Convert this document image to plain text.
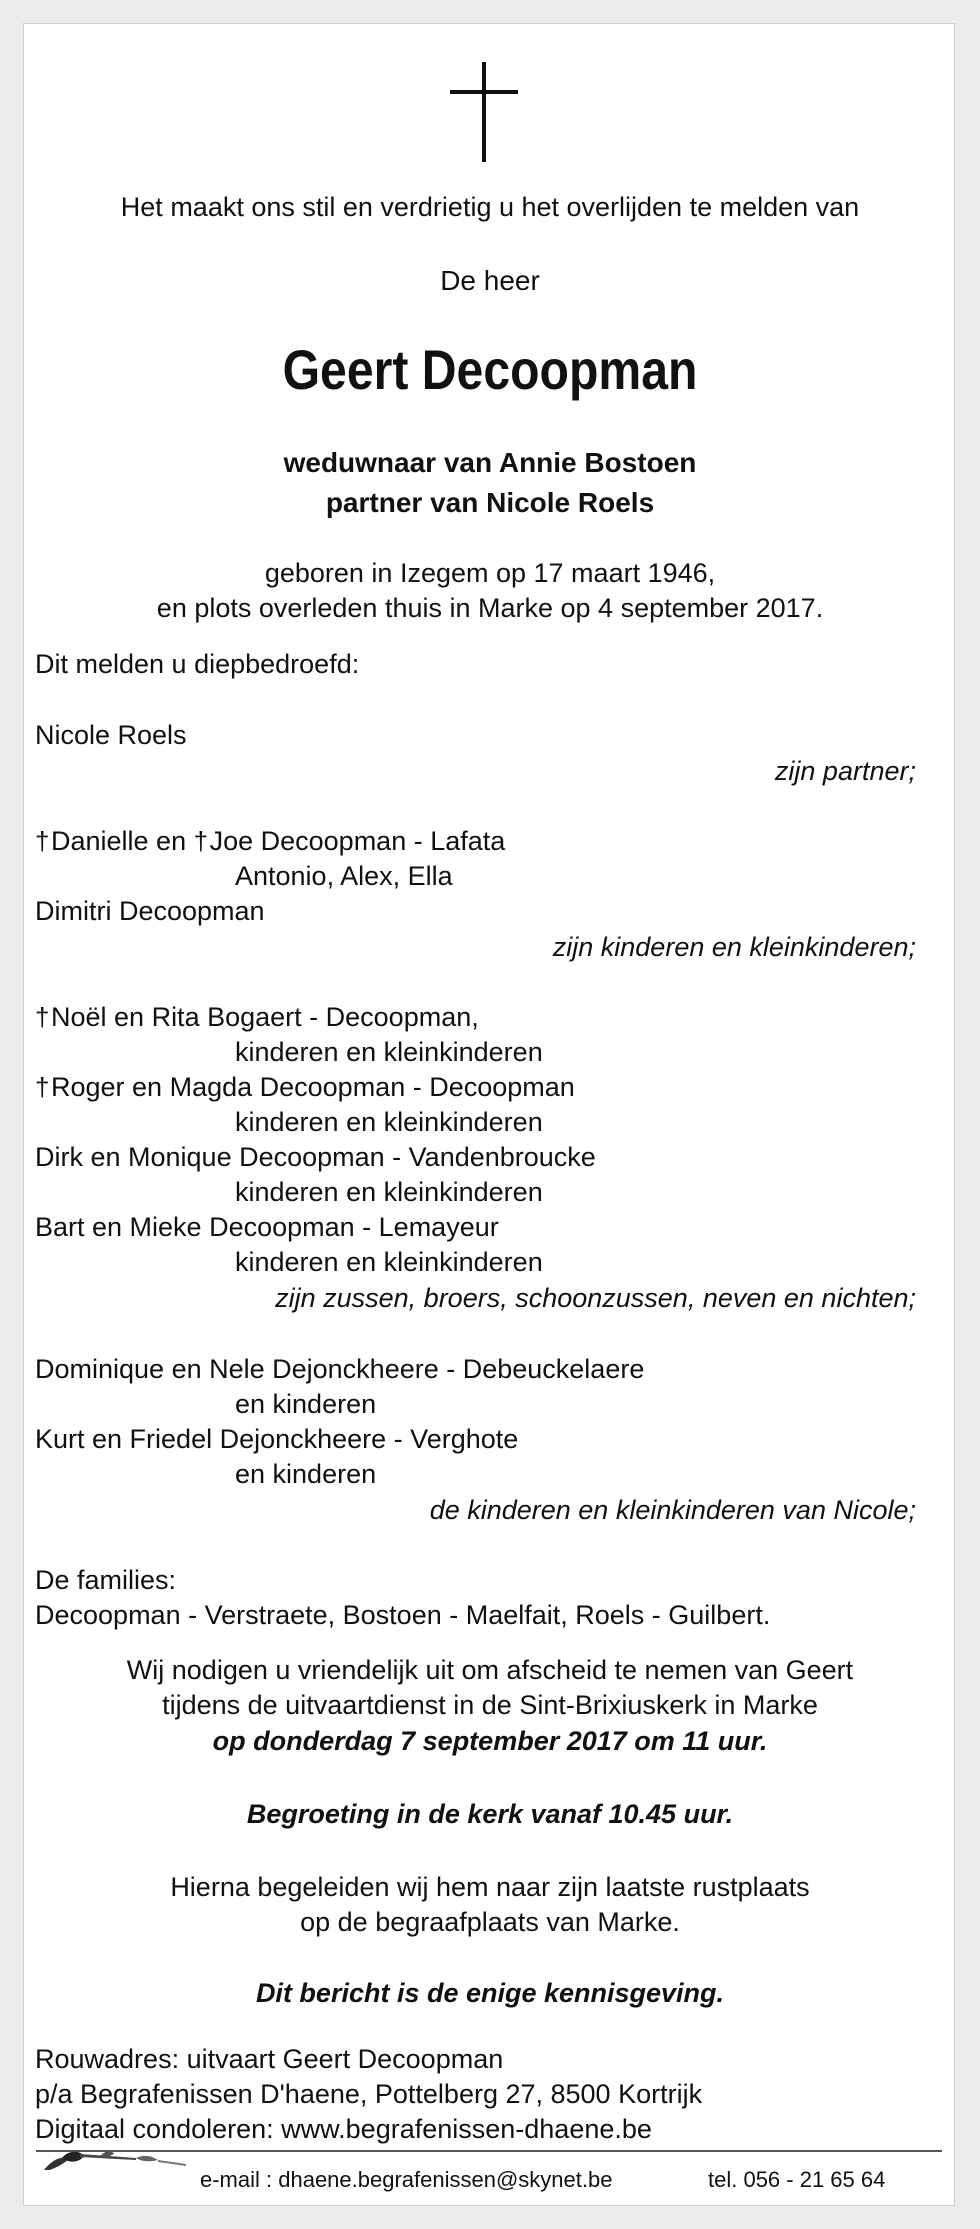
Het maakt ons stil en verdrietig u het overlijden te melden van
De heer
Geert Decoopman
weduwnaar van Annie Bostoen
partner van Nicole Roels
geboren in Izegem op 17 maart 1946,
en plots overleden thuis in Marke op 4 september 2017.
Dit melden u diepbedroefd:
Nicole Roels
zijn partner;
†Danielle en †Joe Decoopman - Lafata
Antonio, Alex, Ella
Dimitri Decoopman
zijn kinderen en kleinkinderen;
†Noël en Rita Bogaert - Decoopman,
kinderen en kleinkinderen
†Roger en Magda Decoopman - Decoopman
kinderen en kleinkinderen
Dirk en Monique Decoopman - Vandenbroucke
kinderen en kleinkinderen
Bart en Mieke Decoopman - Lemayeur
kinderen en kleinkinderen
zijn zussen, broers, schoonzussen, neven en nichten;
Dominique en Nele Dejonckheere - Debeuckelaere
en kinderen
Kurt en Friedel Dejonckheere - Verghote
en kinderen
de kinderen en kleinkinderen van Nicole;
De families:
Decoopman - Verstraete, Bostoen - Maelfait, Roels - Guilbert.
Wij nodigen u vriendelijk uit om afscheid te nemen van Geert
tijdens de uitvaartdienst in de Sint-Brixiuskerk in Marke
op donderdag 7 september 2017 om 11 uur.
Begroeting in de kerk vanaf 10.45 uur.
Hierna begeleiden wij hem naar zijn laatste rustplaats
op de begraafplaats van Marke.
Dit bericht is de enige kennisgeving.
Rouwadres: uitvaart Geert Decoopman
p/a Begrafenissen D'haene, Pottelberg 27, 8500 Kortrijk
Digitaal condoleren: www.begrafenissen-dhaene.be
e-mail : dhaene.begrafenissen@skynet.be	tel. 056 - 21 65 64
